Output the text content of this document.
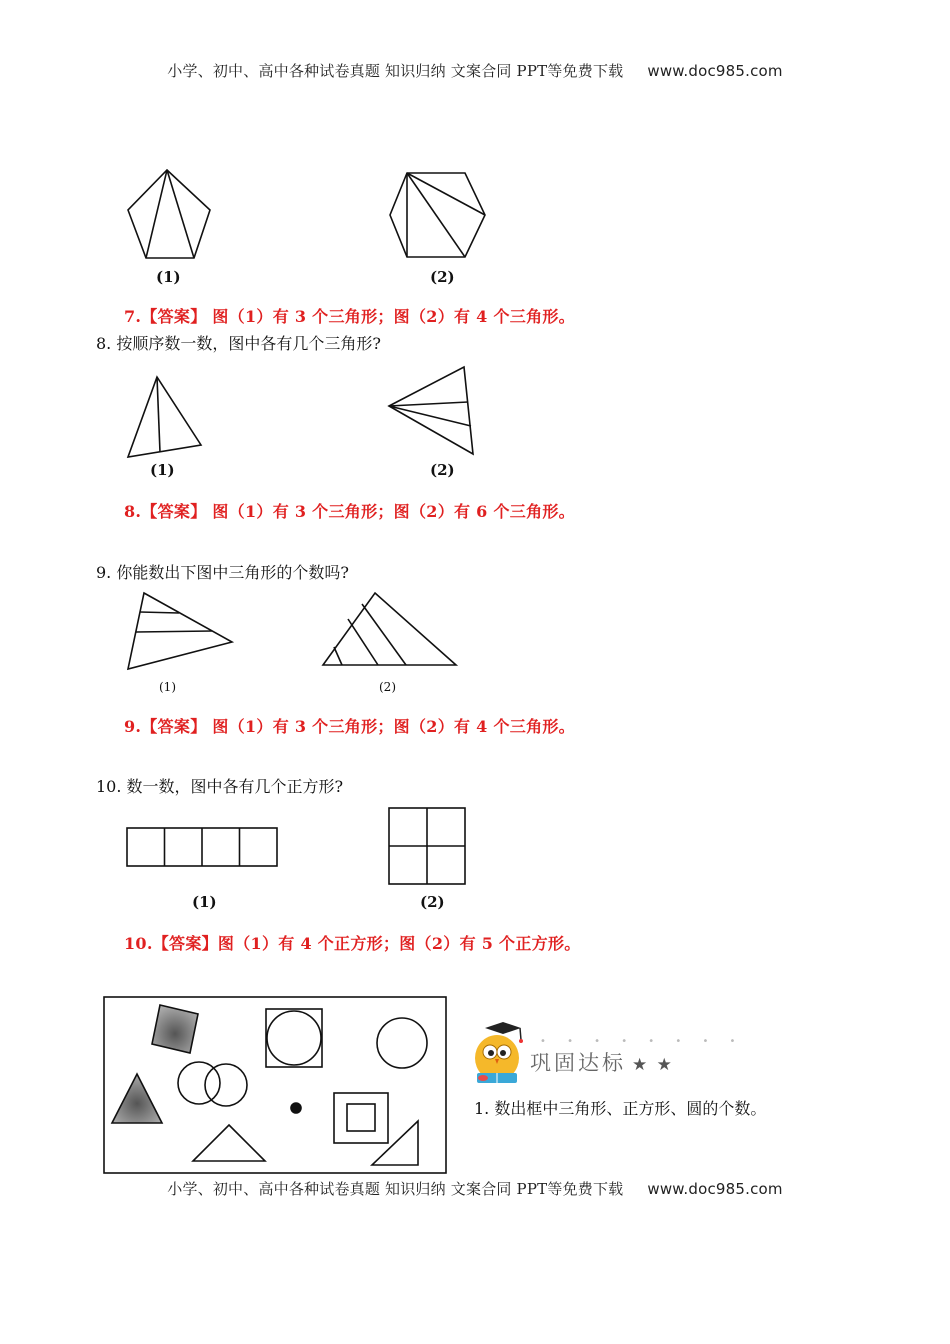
小学、初中、高中各种试卷真题 知识归纳 文案合同 PPT等免费下载 www.doc985.com
(1)	(2)
7.【答案】 图（1）有 3 个三角形；图（2）有 4 个三角形。
8. 按顺序数一数，图中各有几个三角形?
(1)	(2)
8.【答案】 图（1）有 3 个三角形；图（2）有 6 个三角形。
9. 你能数出下图中三角形的个数吗?
(1)	(2)
9.【答案】 图（1）有 3 个三角形；图（2）有 4 个三角形。
10. 数一数，图中各有几个正方形?
(1)	(2)
10.【答案】图（1）有 4 个正方形；图（2）有 5 个正方形。
• • • • • • • •
巩固达标 ★ ★
1. 数出框中三角形、正方形、圆的个数。
小学、初中、高中各种试卷真题 知识归纳 文案合同 PPT等免费下载 www.doc985.com
